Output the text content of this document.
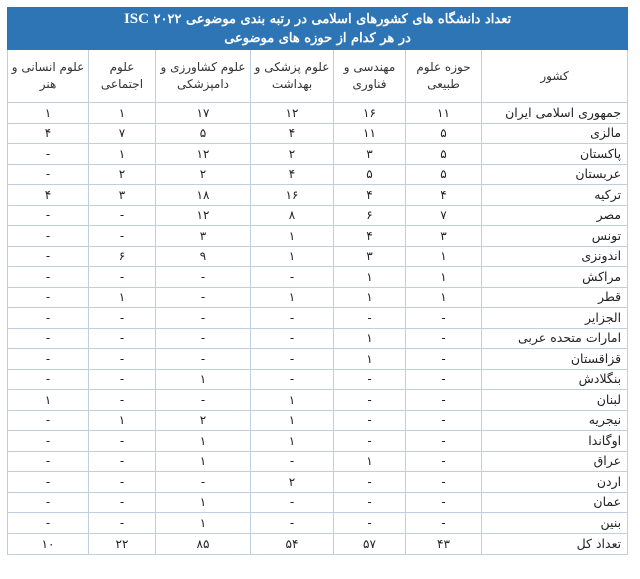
تعداد دانشگاه های کشورهای اسلامی در رتبه بندی موضوعی ۲۰۲۲ ISC
در هر کدام از حوزه های موضوعی						

علوم انسانی و هنر	علوم اجتماعی	علوم کشاورزی و دامپزشکی	علوم پزشکی و بهداشت	مهندسی و فناوری	حوزه علوم طبیعی	کشور
۱	۱	۱۷	۱۲	۱۶	۱۱	جمهوری اسلامی ایران
۴	۷	۵	۴	۱۱	۵	مالزی
-	۱	۱۲	۲	۳	۵	پاکستان
-	۲	۲	۴	۵	۵	عربستان
۴	۳	۱۸	۱۶	۴	۴	ترکیه
-	-	۱۲	۸	۶	۷	مصر
-	-	۳	۱	۴	۳	تونس
-	۶	۹	۱	۳	۱	اندونزی
-	-	-	-	۱	۱	مراکش
-	۱	-	۱	۱	۱	قطر
-	-	-	-	-	-	الجزایر
-	-	-	-	۱	-	امارات متحده عربی
-	-	-	-	۱	-	قزاقستان
-	-	۱	-	-	-	بنگلادش
۱	-	-	۱	-	-	لبنان
-	۱	۲	۱	-	-	نیجریه
-	-	۱	۱	-	-	اوگاندا
-	-	۱	-	۱	-	عراق
-	-	-	۲	-	-	اردن
-	-	۱	-	-	-	عمان
-	-	۱	-	-	-	بنین
۱۰	۲۲	۸۵	۵۴	۵۷	۴۳	تعداد کل
